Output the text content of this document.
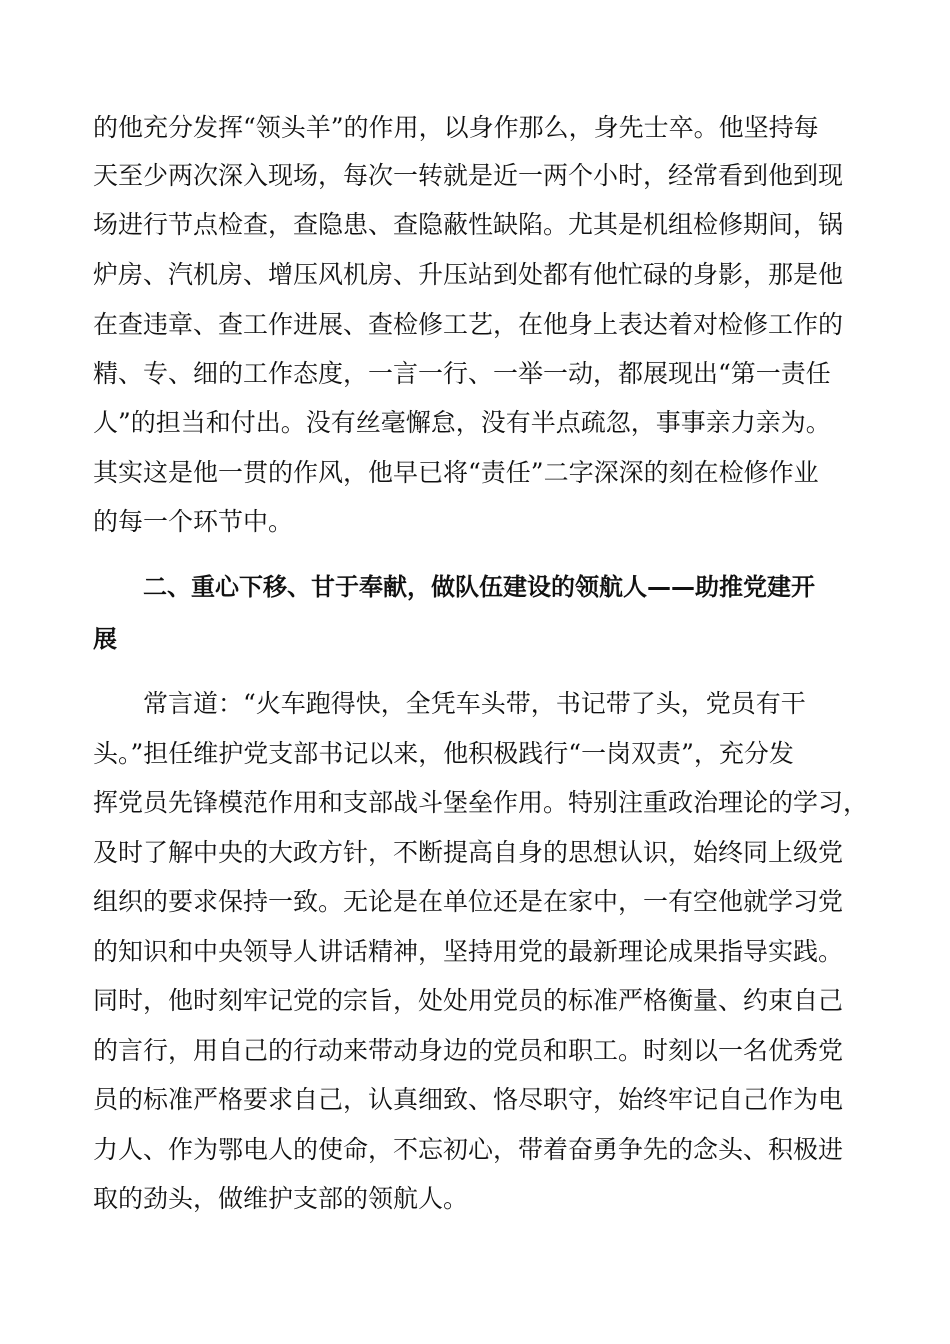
的他充分发挥“领头羊”的作用，以身作那么，身先士卒。他坚持每

天至少两次深入现场，每次一转就是近一两个小时，经常看到他到现

场进行节点检查，查隐患、查隐蔽性缺陷。尤其是机组检修期间，锅

炉房、汽机房、增压风机房、升压站到处都有他忙碌的身影，那是他

在查违章、查工作进展、查检修工艺，在他身上表达着对检修工作的

精、专、细的工作态度，一言一行、一举一动，都展现出“第一责任

人”的担当和付出。没有丝毫懈怠，没有半点疏忽，事事亲力亲为。

其实这是他一贯的作风，他早已将“责任”二字深深的刻在检修作业

的每一个环节中。

二、重心下移、甘于奉献，做队伍建设的领航人——助推党建开

展

常言道：“火车跑得快，全凭车头带，书记带了头，党员有干

头。”担任维护党支部书记以来，他积极践行“一岗双责”，充分发

挥党员先锋模范作用和支部战斗堡垒作用。特别注重政治理论的学习，

及时了解中央的大政方针，不断提高自身的思想认识，始终同上级党

组织的要求保持一致。无论是在单位还是在家中，一有空他就学习党

的知识和中央领导人讲话精神，坚持用党的最新理论成果指导实践。

同时，他时刻牢记党的宗旨，处处用党员的标准严格衡量、约束自己

的言行，用自己的行动来带动身边的党员和职工。时刻以一名优秀党

员的标准严格要求自己，认真细致、恪尽职守，始终牢记自己作为电

力人、作为鄂电人的使命，不忘初心，带着奋勇争先的念头、积极进

取的劲头，做维护支部的领航人。
